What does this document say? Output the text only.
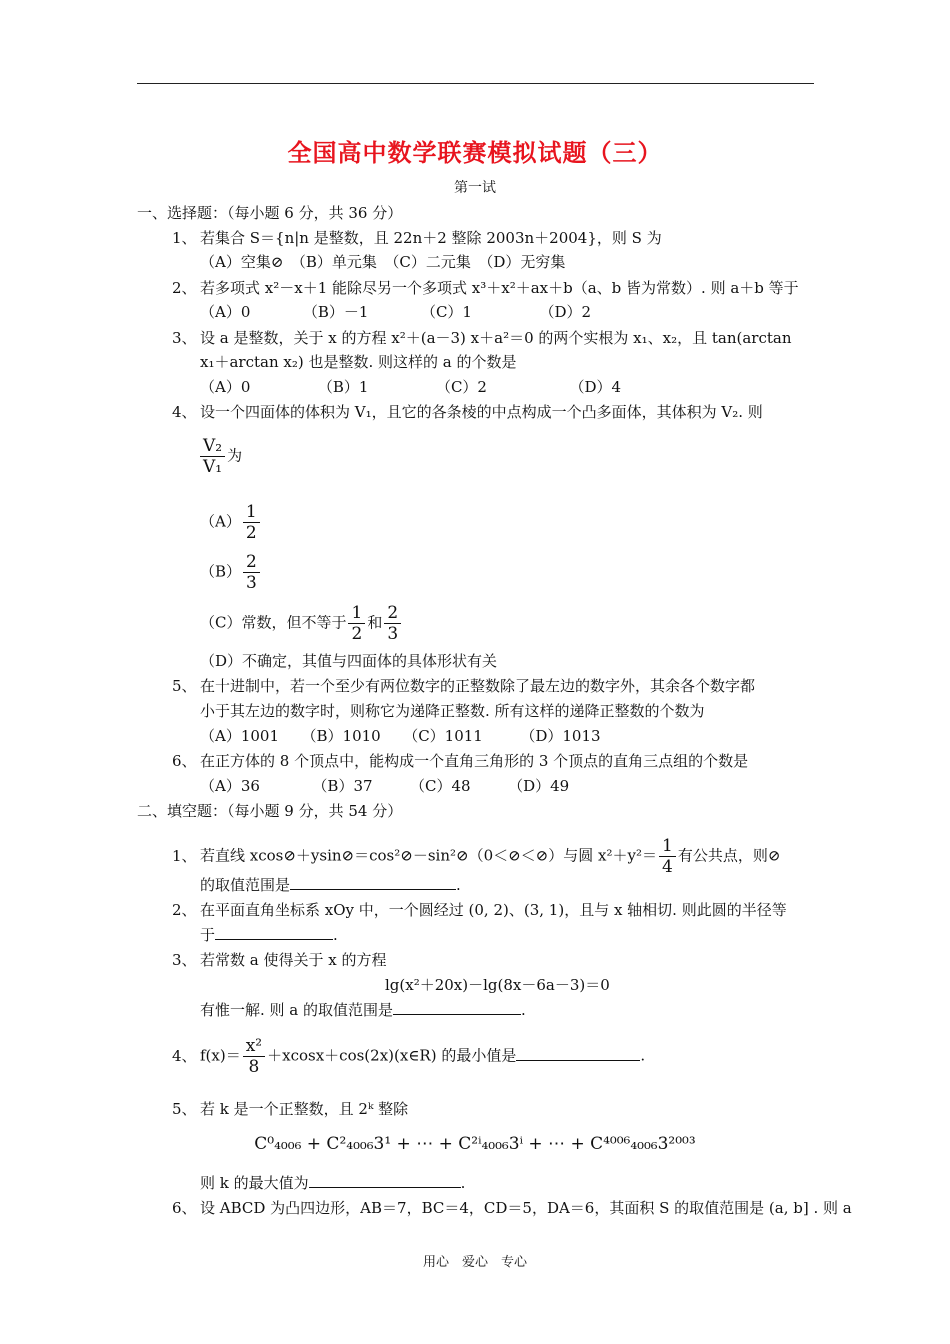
全国高中数学联赛模拟试题（三）
第一试
一、选择题：（每小题 6 分，共 36 分）
1、 若集合 S＝{n|n 是整数，且 22n＋2 整除 2003n＋2004}，则 S 为
（A）空集⊘　（B）单元集　（C）二元集　（D）无穷集
2、 若多项式 x²－x＋1 能除尽另一个多项式 x³＋x²＋ax＋b（a、b 皆为常数）. 则 a＋b 等于
（A）0　　　　（B）－1　　　　（C）1　　　　　（D）2
3、 设 a 是整数，关于 x 的方程 x²＋(a－3) x＋a²＝0 的两个实根为 x₁、x₂，且 tan(arctan
x₁＋arctan x₂) 也是整数. 则这样的 a 的个数是
（A）0　　　　　（B）1　　　　　（C）2　　　　　　（D）4
4、 设一个四面体的体积为 V₁，且它的各条棱的中点构成一个凸多面体，其体积为 V₂. 则
$\frac{\text{V₂}}{\text{V₁}}$ 为
$(A) \frac{1}{2}$
$(B) \frac{2}{3}$
（C）常数，但不等于 $\frac{1}{2}$ 和 $\frac{2}{3}$
（D）不确定，其值与四面体的具体形状有关
5、 在十进制中，若一个至少有两位数字的正整数除了最左边的数字外，其余各个数字都
小于其左边的数字时，则称它为递降正整数. 所有这样的递降正整数的个数为
（A）1001　　（B）1010　　（C）1011　　　（D）1013
6、 在正方体的 8 个顶点中，能构成一个直角三角形的 3 个顶点的直角三点组的个数是
（A）36　　　　（B）37　　　（C）48　　　（D）49
二、填空题：（每小题 9 分，共 54 分）
1、 若直线 xcos⊘＋ysin⊘＝cos²⊘－sin²⊘（0＜⊘＜⊘）与圆 $x^2+y^2= \frac{1}{4}$ 有公共点，则⊘
的取值范围是	.
2、 在平面直角坐标系 xOy 中，一个圆经过 (0, 2)、(3, 1)，且与 x 轴相切. 则此圆的半径等
于	.
3、 若常数 a 使得关于 x 的方程
lg(x²＋20x)－lg(8x－6a－3)＝0
有惟一解. 则 a 的取值范围是	.
4、 $f(x)= \frac{\text{x²}}{8}$ ＋xcosx＋cos(2x)(x∈R) 的最小值是	.
5、 若 k 是一个正整数，且 2ᵏ 整除
C⁰₄₀₀₆ + C²₄₀₀₆3¹ + ⋯ + C²ⁱ₄₀₀₆3ⁱ + ⋯ + C⁴⁰⁰⁶₄₀₀₆3²⁰⁰³
则 k 的最大值为	.
6、 设 ABCD 为凸四边形，AB＝7，BC＝4，CD＝5，DA＝6，其面积 S 的取值范围是 (a, b] . 则 a
用心　爱心　专心
